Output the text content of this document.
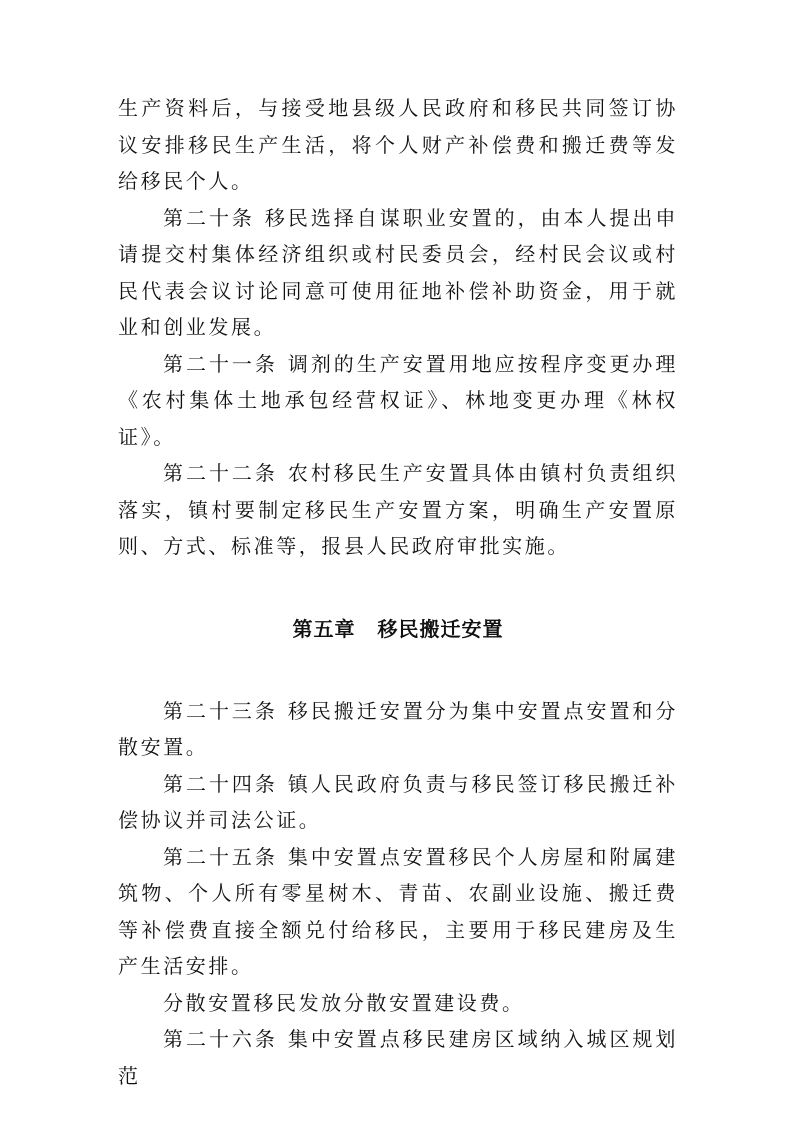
生产资料后，与接受地县级人民政府和移民共同签订协议安排移民生产生活，将个人财产补偿费和搬迁费等发给移民个人。

第二十条 移民选择自谋职业安置的，由本人提出申请提交村集体经济组织或村民委员会，经村民会议或村民代表会议讨论同意可使用征地补偿补助资金，用于就业和创业发展。

第二十一条 调剂的生产安置用地应按程序变更办理《农村集体土地承包经营权证》、林地变更办理《林权证》。

第二十二条 农村移民生产安置具体由镇村负责组织落实，镇村要制定移民生产安置方案，明确生产安置原则、方式、标准等，报县人民政府审批实施。

第五章 移民搬迁安置

第二十三条 移民搬迁安置分为集中安置点安置和分散安置。

第二十四条 镇人民政府负责与移民签订移民搬迁补偿协议并司法公证。

第二十五条 集中安置点安置移民个人房屋和附属建筑物、个人所有零星树木、青苗、农副业设施、搬迁费等补偿费直接全额兑付给移民，主要用于移民建房及生产生活安排。

分散安置移民发放分散安置建设费。

第二十六条 集中安置点移民建房区域纳入城区规划范
